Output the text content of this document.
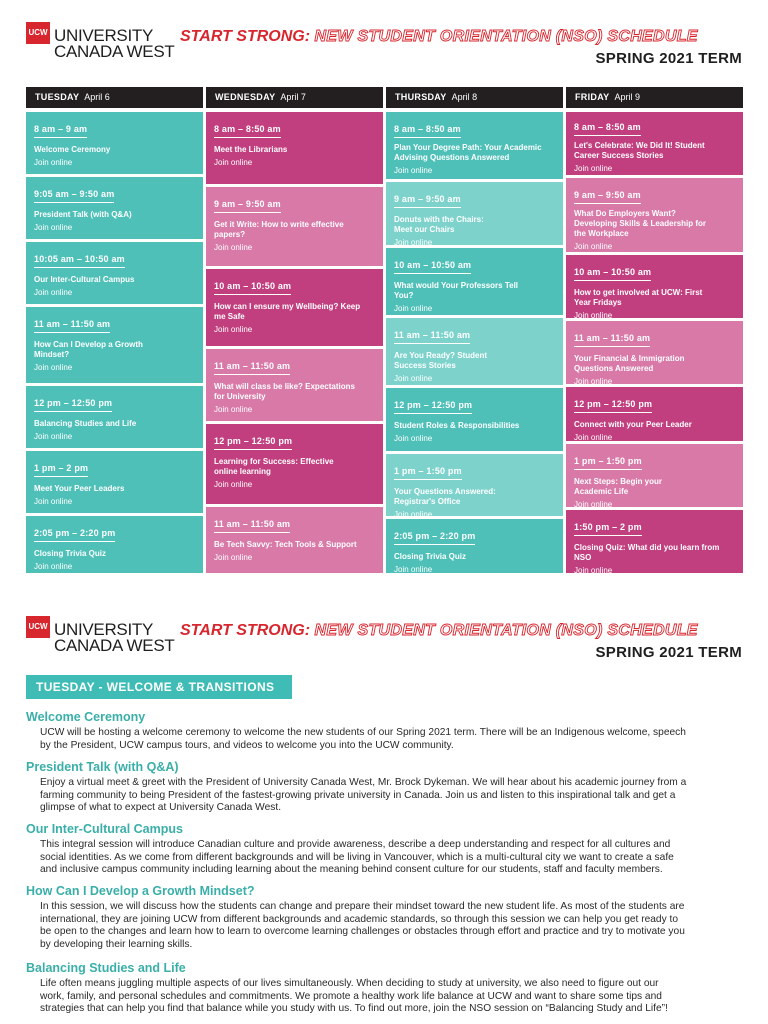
UCW UNIVERSITY
CANADA WEST
START STRONG: NEW STUDENT ORIENTATION (NSO) SCHEDULE
SPRING 2021 TERM
TUESDAY April 6
8 am – 9 am
Welcome Ceremony
Join online
9:05 am – 9:50 am
President Talk (with Q&A)
Join online
10:05 am – 10:50 am
Our Inter-Cultural Campus
Join online
11 am – 11:50 am
How Can I Develop a Growth Mindset?
Join online
12 pm – 12:50 pm
Balancing Studies and Life
Join online
1 pm – 2 pm
Meet Your Peer Leaders
Join online
2:05 pm – 2:20 pm
Closing Trivia Quiz
Join online
WEDNESDAY April 7
8 am – 8:50 am
Meet the Librarians
Join online
9 am – 9:50 am
Get it Write: How to write effective papers?
Join online
10 am – 10:50 am
How can I ensure my Wellbeing? Keep me Safe
Join online
11 am – 11:50 am
What will class be like? Expectations for University
Join online
12 pm – 12:50 pm
Learning for Success: Effective online learning
Join online
11 am – 11:50 am
Be Tech Savvy: Tech Tools & Support
Join online
THURSDAY April 8
8 am – 8:50 am
Plan Your Degree Path: Your Academic Advising Questions Answered
Join online
9 am – 9:50 am
Donuts with the Chairs: Meet our Chairs
Join online
10 am – 10:50 am
What would Your Professors Tell You?
Join online
11 am – 11:50 am
Are You Ready? Student Success Stories
Join online
12 pm – 12:50 pm
Student Roles & Responsibilities
Join online
1 pm – 1:50 pm
Your Questions Answered: Registrar's Office
Join online
2:05 pm – 2:20 pm
Closing Trivia Quiz
Join online
FRIDAY April 9
8 am – 8:50 am
Let's Celebrate: We Did It! Student Career Success Stories
Join online
9 am – 9:50 am
What Do Employers Want? Developing Skills & Leadership for the Workplace
Join online
10 am – 10:50 am
How to get involved at UCW: First Year Fridays
Join online
11 am – 11:50 am
Your Financial & Immigration Questions Answered
Join online
12 pm – 12:50 pm
Connect with your Peer Leader
Join online
1 pm – 1:50 pm
Next Steps: Begin your Academic Life
Join online
1:50 pm – 2 pm
Closing Quiz: What did you learn from NSO
Join online
UCW UNIVERSITY
CANADA WEST
START STRONG: NEW STUDENT ORIENTATION (NSO) SCHEDULE
SPRING 2021 TERM
TUESDAY - WELCOME & TRANSITIONS
Welcome Ceremony
UCW will be hosting a welcome ceremony to welcome the new students of our Spring 2021 term. There will be an Indigenous welcome, speech
by the President, UCW campus tours, and videos to welcome you into the UCW community.
President Talk (with Q&A)
Enjoy a virtual meet & greet with the President of University Canada West, Mr. Brock Dykeman. We will hear about his academic journey from a
farming community to being President of the fastest-growing private university in Canada. Join us and listen to this inspirational talk and get a
glimpse of what to expect at University Canada West.
Our Inter-Cultural Campus
This integral session will introduce Canadian culture and provide awareness, describe a deep understanding and respect for all cultures and
social identities. As we come from different backgrounds and will be living in Vancouver, which is a multi-cultural city we want to create a safe
and inclusive campus community including learning about the meaning behind consent culture for our students, staff and faculty members.
How Can I Develop a Growth Mindset?
In this session, we will discuss how the students can change and prepare their mindset toward the new student life. As most of the students are
international, they are joining UCW from different backgrounds and academic standards, so through this session we can help you get ready to
be open to the changes and learn how to learn to overcome learning challenges or obstacles through effort and practice and try to motivate you
by developing their learning skills.
Balancing Studies and Life
Life often means juggling multiple aspects of our lives simultaneously. When deciding to study at university, we also need to figure out our
work, family, and personal schedules and commitments. We promote a healthy work life balance at UCW and want to share some tips and
strategies that can help you find that balance while you study with us. To find out more, join the NSO session on “Balancing Study and Life”!
